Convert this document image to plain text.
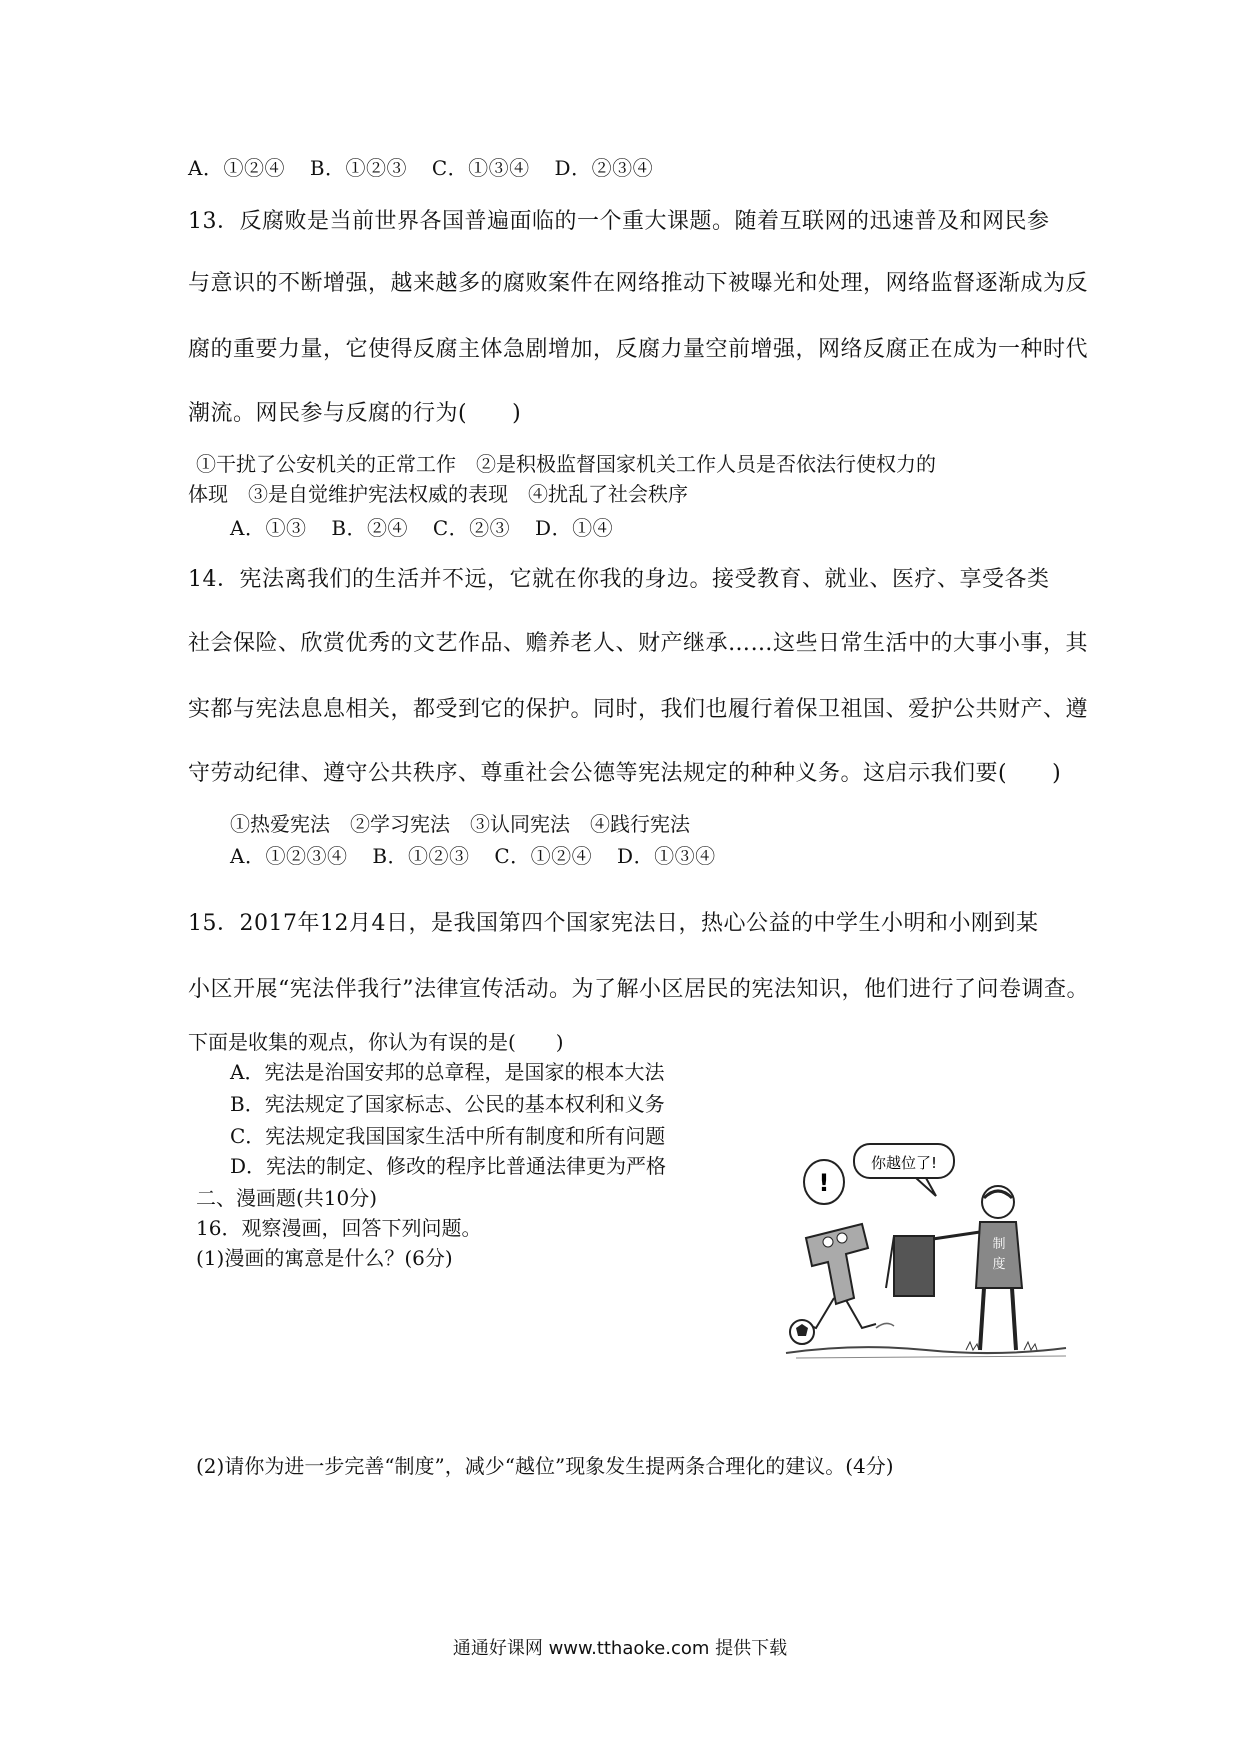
A．①②④ B．①②③ C．①③④ D．②③④
13．反腐败是当前世界各国普遍面临的一个重大课题。随着互联网的迅速普及和网民参
与意识的不断增强，越来越多的腐败案件在网络推动下被曝光和处理，网络监督逐渐成为反
腐的重要力量，它使得反腐主体急剧增加，反腐力量空前增强，网络反腐正在成为一种时代
潮流。网民参与反腐的行为(　　)
①干扰了公安机关的正常工作　②是积极监督国家机关工作人员是否依法行使权力的
体现　③是自觉维护宪法权威的表现　④扰乱了社会秩序
A．①③ B．②④ C．②③ D．①④
14．宪法离我们的生活并不远，它就在你我的身边。接受教育、就业、医疗、享受各类
社会保险、欣赏优秀的文艺作品、赡养老人、财产继承……这些日常生活中的大事小事，其
实都与宪法息息相关，都受到它的保护。同时，我们也履行着保卫祖国、爱护公共财产、遵
守劳动纪律、遵守公共秩序、尊重社会公德等宪法规定的种种义务。这启示我们要(　　)
①热爱宪法　②学习宪法　③认同宪法　④践行宪法
A．①②③④ B．①②③ C．①②④ D．①③④
15．2017年12月4日，是我国第四个国家宪法日，热心公益的中学生小明和小刚到某
小区开展“宪法伴我行”法律宣传活动。为了解小区居民的宪法知识，他们进行了问卷调查。
下面是收集的观点，你认为有误的是(　　)
A．宪法是治国安邦的总章程，是国家的根本大法
B．宪法规定了国家标志、公民的基本权利和义务
C．宪法规定我国国家生活中所有制度和所有问题
D．宪法的制定、修改的程序比普通法律更为严格
二、漫画题(共10分)
16．观察漫画，回答下列问题。
(1)漫画的寓意是什么？(6分)
你越位了!
!
制
度
(2)请你为进一步完善“制度”，减少“越位”现象发生提两条合理化的建议。(4分)
通通好课网 www.tthaoke.com 提供下载
